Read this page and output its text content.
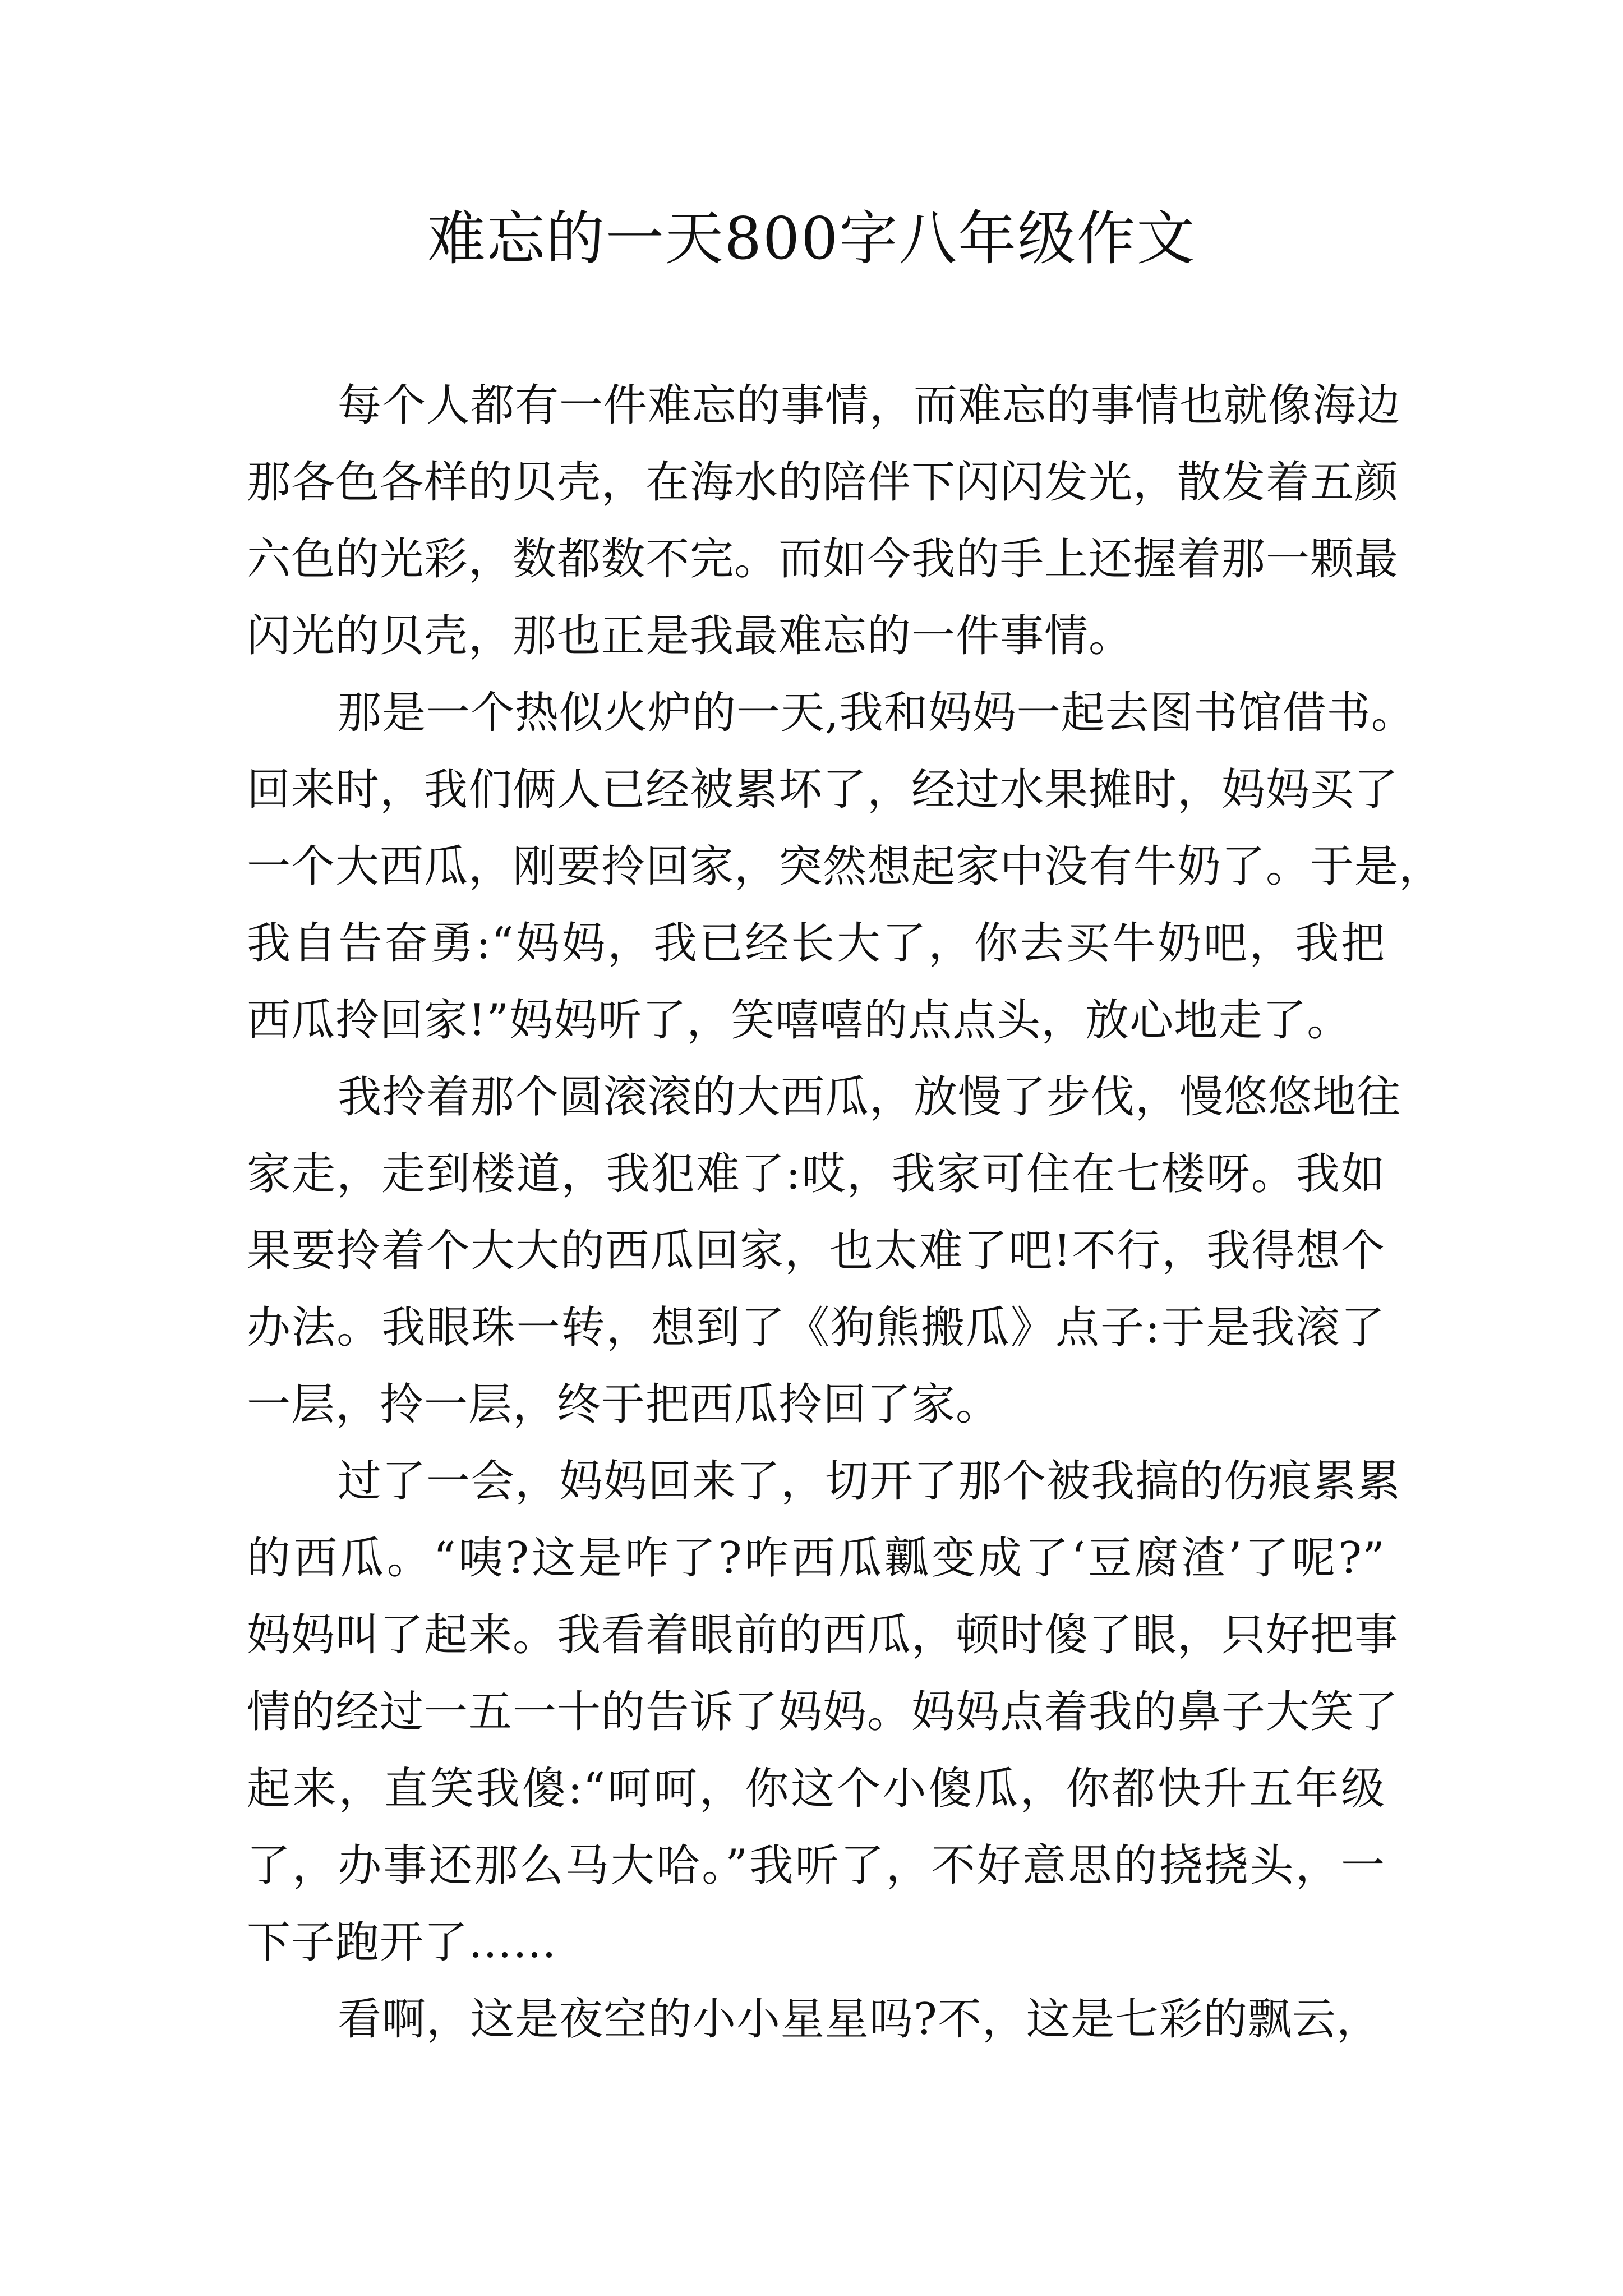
难忘的一天800字八年级作文
每个人都有一件难忘的事情，而难忘的事情也就像海边
那各色各样的贝壳，在海水的陪伴下闪闪发光，散发着五颜
六色的光彩，数都数不完。而如今我的手上还握着那一颗最
闪光的贝壳，那也正是我最难忘的一件事情。
那是一个热似火炉的一天,我和妈妈一起去图书馆借书。
回来时，我们俩人已经被累坏了，经过水果摊时，妈妈买了
一个大西瓜，刚要拎回家，突然想起家中没有牛奶了。于是，
我自告奋勇:“妈妈，我已经长大了，你去买牛奶吧，我把
西瓜拎回家!”妈妈听了，笑嘻嘻的点点头，放心地走了。
我拎着那个圆滚滚的大西瓜，放慢了步伐，慢悠悠地往
家走，走到楼道，我犯难了:哎，我家可住在七楼呀。我如
果要拎着个大大的西瓜回家，也太难了吧!不行，我得想个
办法。我眼珠一转，想到了《狗熊搬瓜》点子:于是我滚了
一层，拎一层，终于把西瓜拎回了家。
过了一会，妈妈回来了，切开了那个被我搞的伤痕累累
的西瓜。“咦?这是咋了?咋西瓜瓤变成了‘豆腐渣’了呢?”
妈妈叫了起来。我看着眼前的西瓜，顿时傻了眼，只好把事
情的经过一五一十的告诉了妈妈。妈妈点着我的鼻子大笑了
起来，直笑我傻:“呵呵，你这个小傻瓜，你都快升五年级
了，办事还那么马大哈。”我听了，不好意思的挠挠头，一
下子跑开了……
看啊，这是夜空的小小星星吗?不，这是七彩的飘云，
